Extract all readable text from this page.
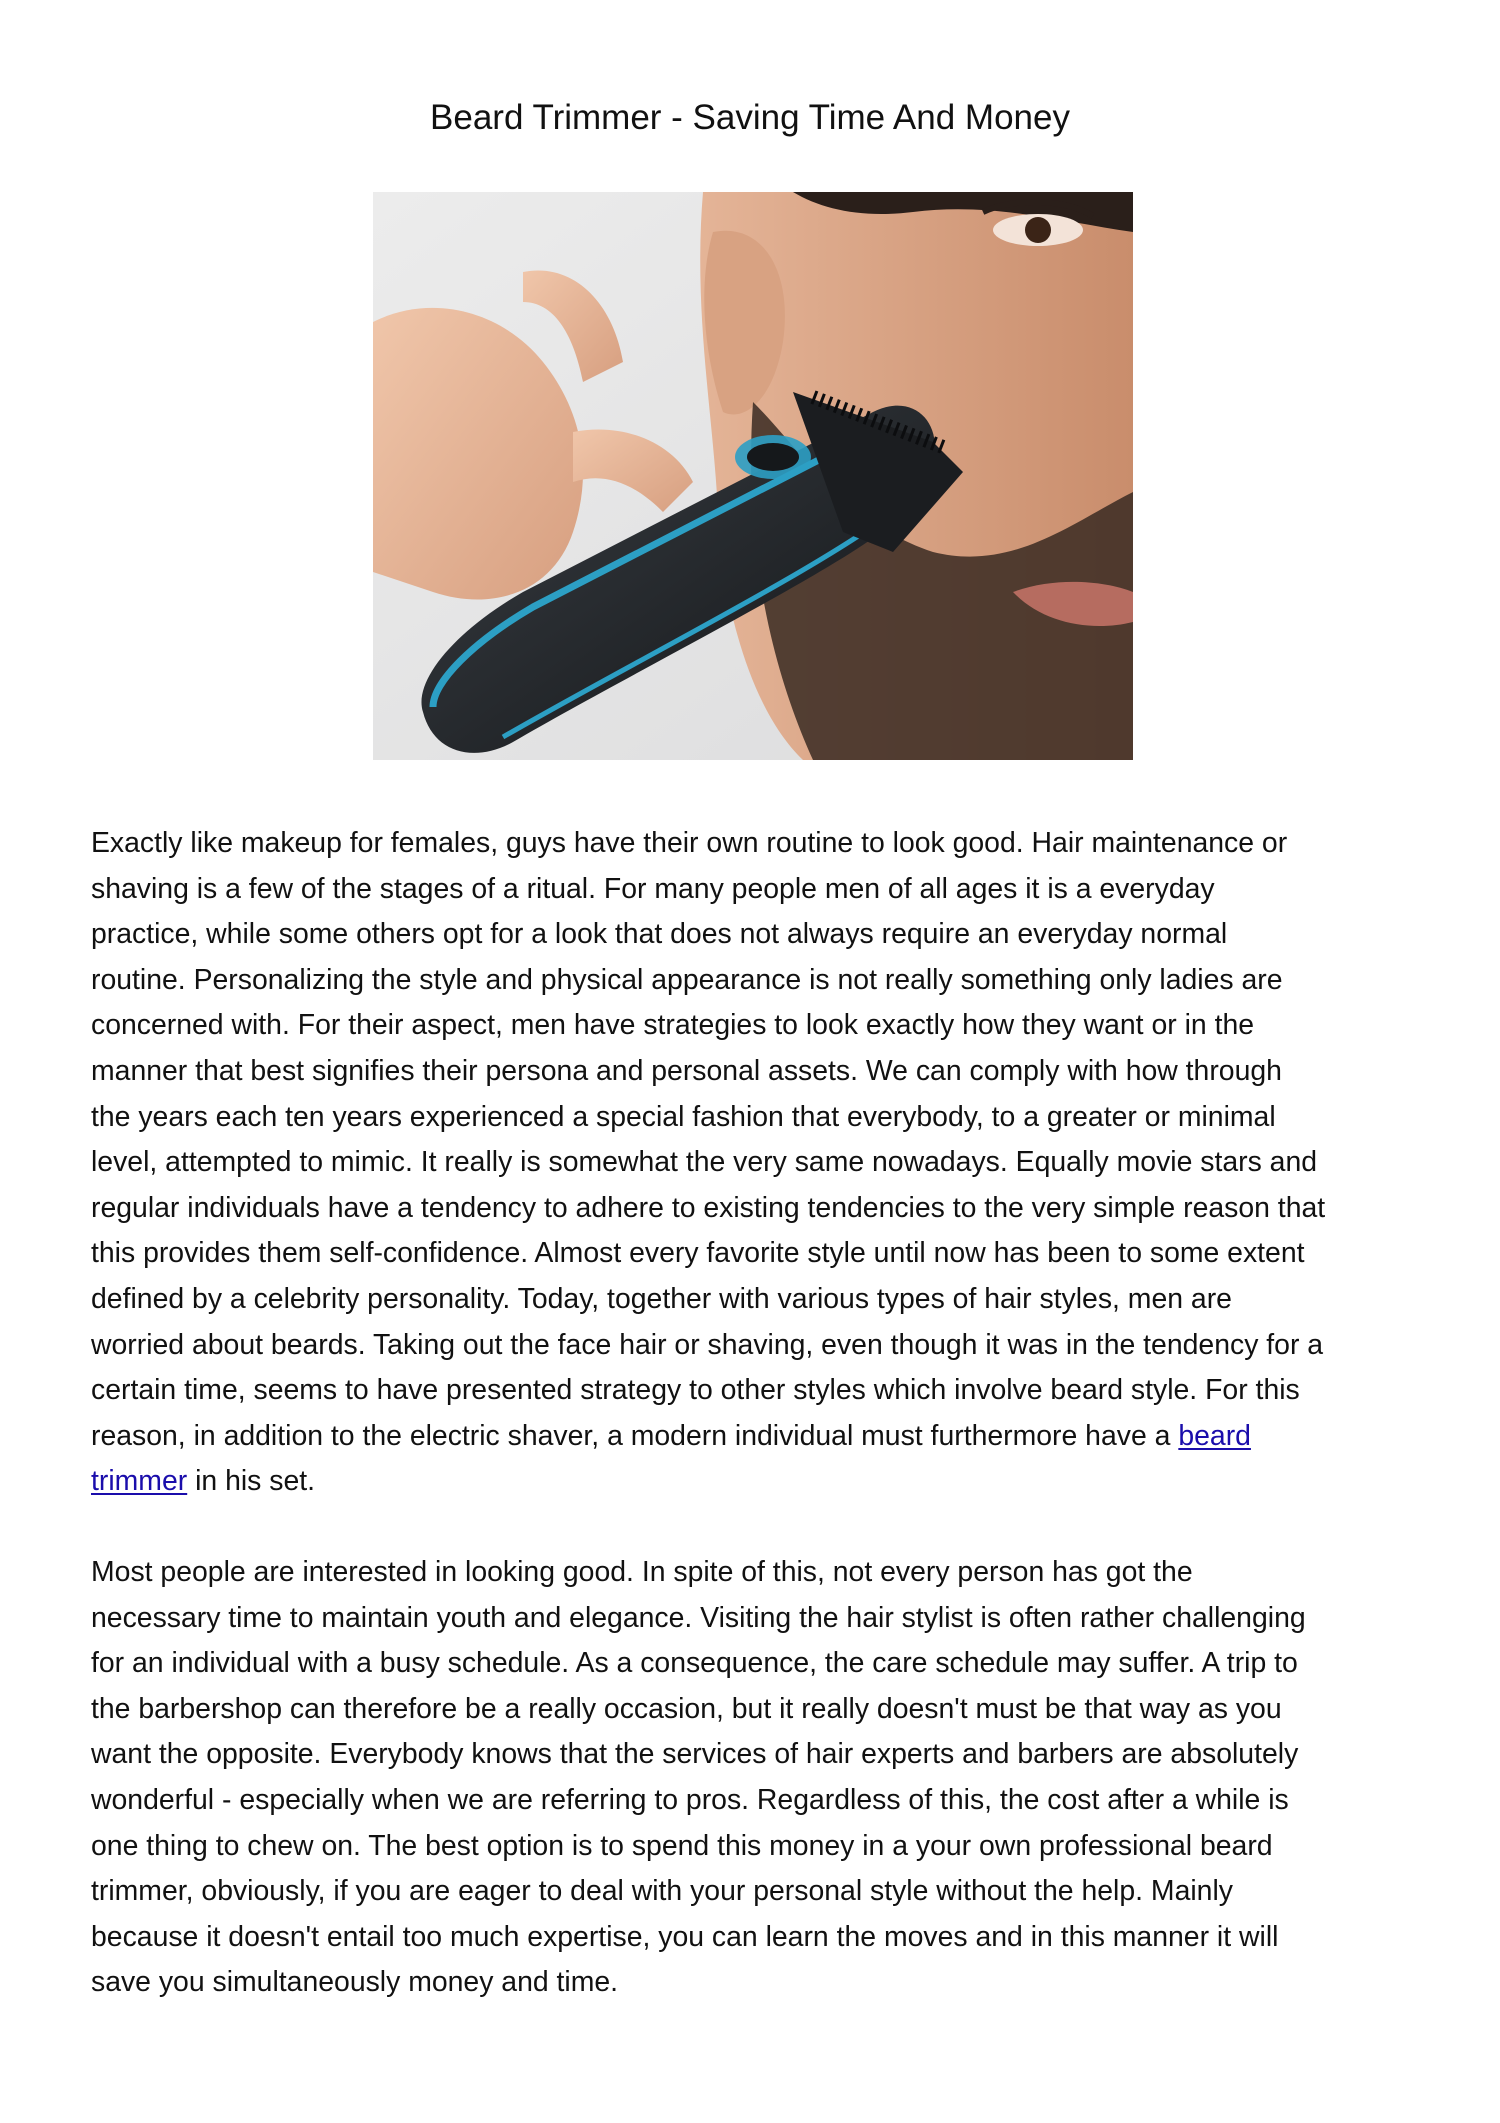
Beard Trimmer - Saving Time And Money

Exactly like makeup for females, guys have their own routine to look good. Hair maintenance or
shaving is a few of the stages of a ritual. For many people men of all ages it is a everyday
practice, while some others opt for a look that does not always require an everyday normal
routine. Personalizing the style and physical appearance is not really something only ladies are
concerned with. For their aspect, men have strategies to look exactly how they want or in the
manner that best signifies their persona and personal assets. We can comply with how through
the years each ten years experienced a special fashion that everybody, to a greater or minimal
level, attempted to mimic. It really is somewhat the very same nowadays. Equally movie stars and
regular individuals have a tendency to adhere to existing tendencies to the very simple reason that
this provides them self-confidence. Almost every favorite style until now has been to some extent
defined by a celebrity personality. Today, together with various types of hair styles, men are
worried about beards. Taking out the face hair or shaving, even though it was in the tendency for a
certain time, seems to have presented strategy to other styles which involve beard style. For this
reason, in addition to the electric shaver, a modern individual must furthermore have a beard
trimmer in his set.

Most people are interested in looking good. In spite of this, not every person has got the
necessary time to maintain youth and elegance. Visiting the hair stylist is often rather challenging
for an individual with a busy schedule. As a consequence, the care schedule may suffer. A trip to
the barbershop can therefore be a really occasion, but it really doesn't must be that way as you
want the opposite. Everybody knows that the services of hair experts and barbers are absolutely
wonderful - especially when we are referring to pros. Regardless of this, the cost after a while is
one thing to chew on. The best option is to spend this money in a your own professional beard
trimmer, obviously, if you are eager to deal with your personal style without the help. Mainly
because it doesn't entail too much expertise, you can learn the moves and in this manner it will
save you simultaneously money and time.
